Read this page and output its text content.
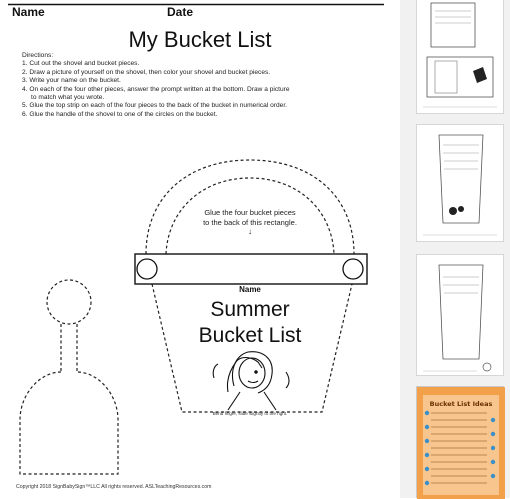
Name	Date
My Bucket List
Directions:
1. Cut out the shovel and bucket pieces.
2. Draw a picture of yourself on the shovel, then color your shovel and bucket pieces.
3. Write your name on the bucket.
4. On each of the four other pieces, answer the prompt written at the bottom. Draw a picture
to match what you wrote.
5. Glue the top strip on each of the four pieces to the back of the bucket in numerical order.
6. Glue the handle of the shovel to one of the circles on the bucket.
Glue the four bucket pieces
to the back of this rectangle.
↓
Name
Summer
Bucket List
Bend finger, slide slightly to the right.
Copyright 2018 SignBabySign™LLC All rights reserved. ASLTeachingResources.com
Bucket List Ideas
